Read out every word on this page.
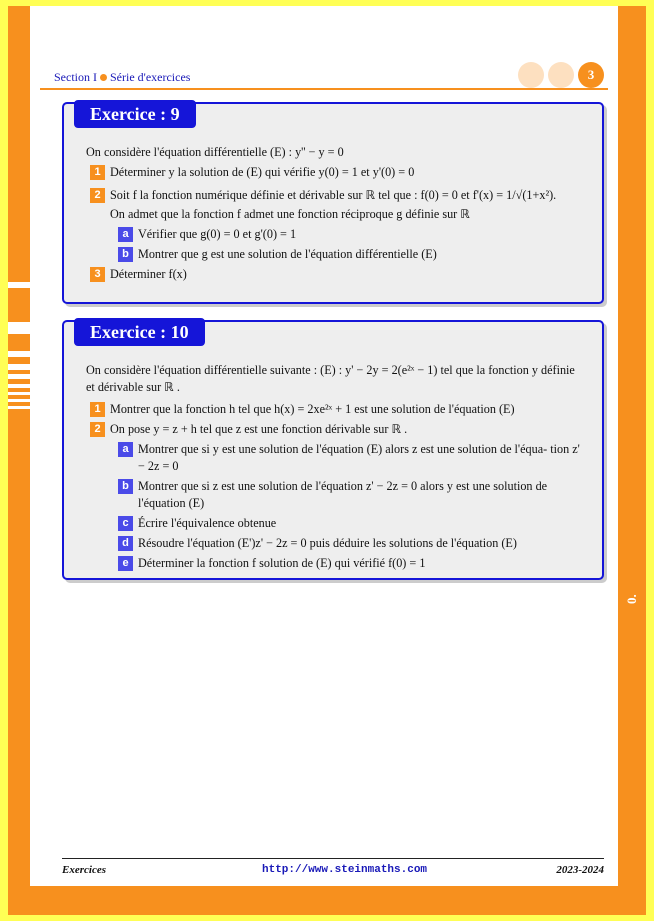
0.
Section I Série d'exercices	3
Exercice : 9

On considère l'équation différentielle (E) : y'' − y = 0

1 Déterminer y la solution de (E) qui vérifie y(0) = 1 et y'(0) = 0
2 Soit f la fonction numérique définie et dérivable sur ℝ tel que : f(0) = 0 et f'(x) = 1/√(1+x²).
On admet que la fonction f admet une fonction réciproque g définie sur ℝ
a Vérifier que g(0) = 0 et g'(0) = 1
b Montrer que g est une solution de l'équation différentielle (E)
3 Déterminer f(x)
Exercice : 10

On considère l'équation différentielle suivante : (E) : y' − 2y = 2(e²ˣ − 1) tel que la fonction y définie et dérivable sur ℝ .

1 Montrer que la fonction h tel que h(x) = 2xe²ˣ + 1 est une solution de l'équation (E)
2 On pose y = z + h tel que z est une fonction dérivable sur ℝ .
a Montrer que si y est une solution de l'équation (E) alors z est une solution de l'équa- tion z' − 2z = 0
b Montrer que si z est une solution de l'équation z' − 2z = 0 alors y est une solution de l'équation (E)
c Écrire l'équivalence obtenue
d Résoudre l'équation (E')z' − 2z = 0 puis déduire les solutions de l'équation (E)
e Déterminer la fonction f solution de (E) qui vérifié f(0) = 1
Exercices	http://www.steinmaths.com	2023-2024
